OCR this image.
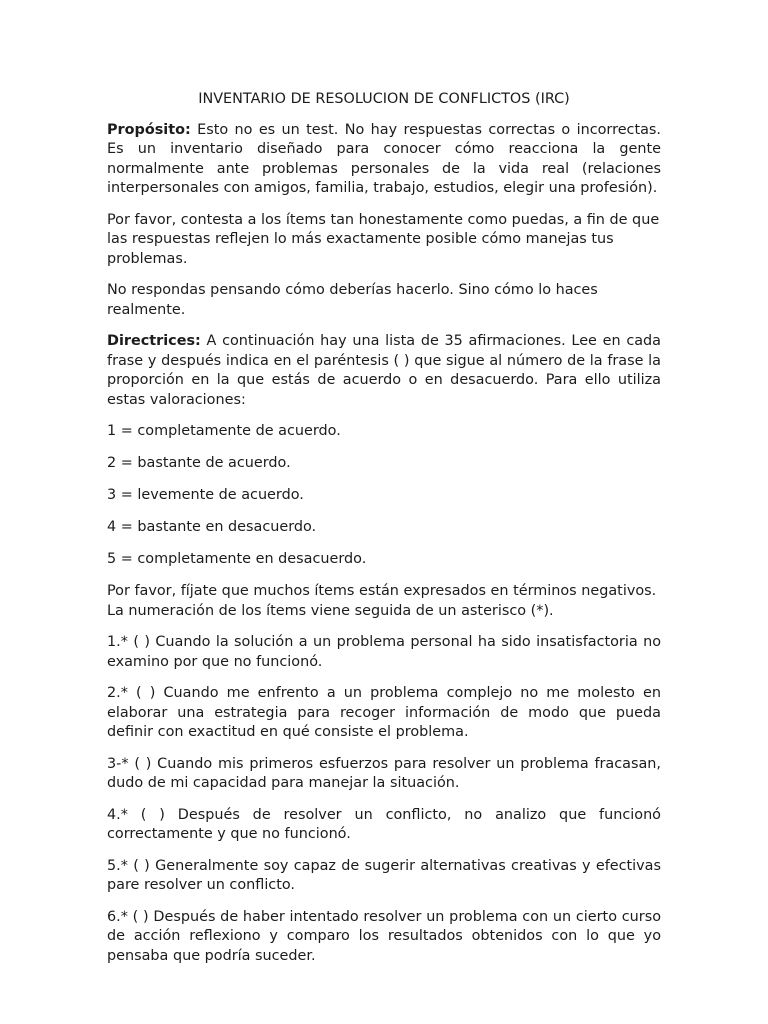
INVENTARIO DE RESOLUCION DE CONFLICTOS (IRC)

Propósito: Esto no es un test. No hay respuestas correctas o incorrectas. Es un inventario diseñado para conocer cómo reacciona la gente normalmente ante problemas personales de la vida real (relaciones interpersonales con amigos, familia, trabajo, estudios, elegir una profesión).

Por favor, contesta a los ítems tan honestamente como puedas, a fin de que las respuestas reflejen lo más exactamente posible cómo manejas tus problemas.

No respondas pensando cómo deberías hacerlo. Sino cómo lo haces realmente.

Directrices: A continuación hay una lista de 35 afirmaciones. Lee en cada frase y después indica en el paréntesis ( ) que sigue al número de la frase la proporción en la que estás de acuerdo o en desacuerdo. Para ello utiliza estas valoraciones:

1 = completamente de acuerdo.
2 = bastante de acuerdo.
3 = levemente de acuerdo.
4 = bastante en desacuerdo.
5 = completamente en desacuerdo.

Por favor, fíjate que muchos ítems están expresados en términos negativos. La numeración de los ítems viene seguida de un asterisco (*).

1.* ( ) Cuando la solución a un problema personal ha sido insatisfactoria no examino por que no funcionó.

2.* ( ) Cuando me enfrento a un problema complejo no me molesto en elaborar una estrategia para recoger información de modo que pueda definir con exactitud en qué consiste el problema.

3-* ( ) Cuando mis primeros esfuerzos para resolver un problema fracasan, dudo de mi capacidad para manejar la situación.

4.* ( ) Después de resolver un conflicto, no analizo que funcionó correctamente y que no funcionó.

5.* ( ) Generalmente soy capaz de sugerir alternativas creativas y efectivas pare resolver un conflicto.

6.* ( ) Después de haber intentado resolver un problema con un cierto curso de acción reflexiono y comparo los resultados obtenidos con lo que yo pensaba que podría suceder.
